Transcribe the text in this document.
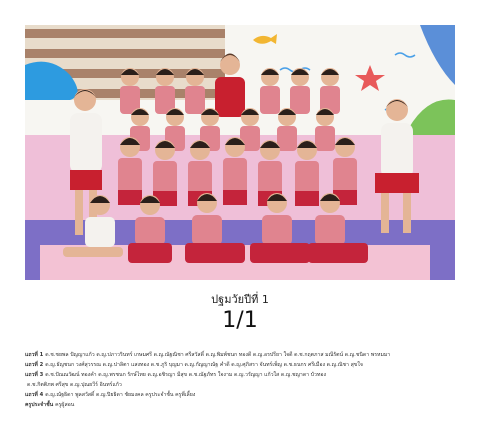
ปฐมวัยปีที่ 1
1/1
แถวที่ 1 ด.ช.ชยพล ปัญญาแก้ว ด.ญ.ปภาวรินทร์ เกษมศรี ด.ญ.ณัฐณิชา ศรีสวัสดิ์ ด.ญ.พิมพ์ชนก ทองดี ด.ญ.อรปรียา ใจดี ด.ช.กฤตภาส มณีรัตน์ ด.ญ.ชนิดา พรหมมา
แถวที่ 2 ด.ญ.ธัญชนก วงศ์สุวรรณ ด.ญ.ปาลิตา แสงทอง ด.ช.ภูริ บุญมา ด.ญ.กัญญาณัฐ คำดี ด.ญ.ศุภิสรา จันทร์เพ็ญ ด.ช.ธนกร ศรีเมือง ด.ญ.ณิชา สุขใจ
แถวที่ 3 ด.ช.ปัณณวัฒน์ ทองคำ ด.ญ.พรชนก รักษ์ไทย ด.ญ.อชิรญา มีสุข ด.ช.ณัฐภัทร ใจงาม ด.ญ.วรัญญา แก้วใส ด.ญ.ชญาดา บัวทอง
ด.ช.กิตติภพ ศรีสุข ด.ญ.ปุณยวีร์ อินทร์แก้ว
แถวที่ 4 ด.ญ.ณัฐธิดา พูลสวัสดิ์ ด.ญ.ปิยธิดา ชัยมงคล ครูประจำชั้น ครูพี่เลี้ยง
ครูประจำชั้น ครูผู้สอน
